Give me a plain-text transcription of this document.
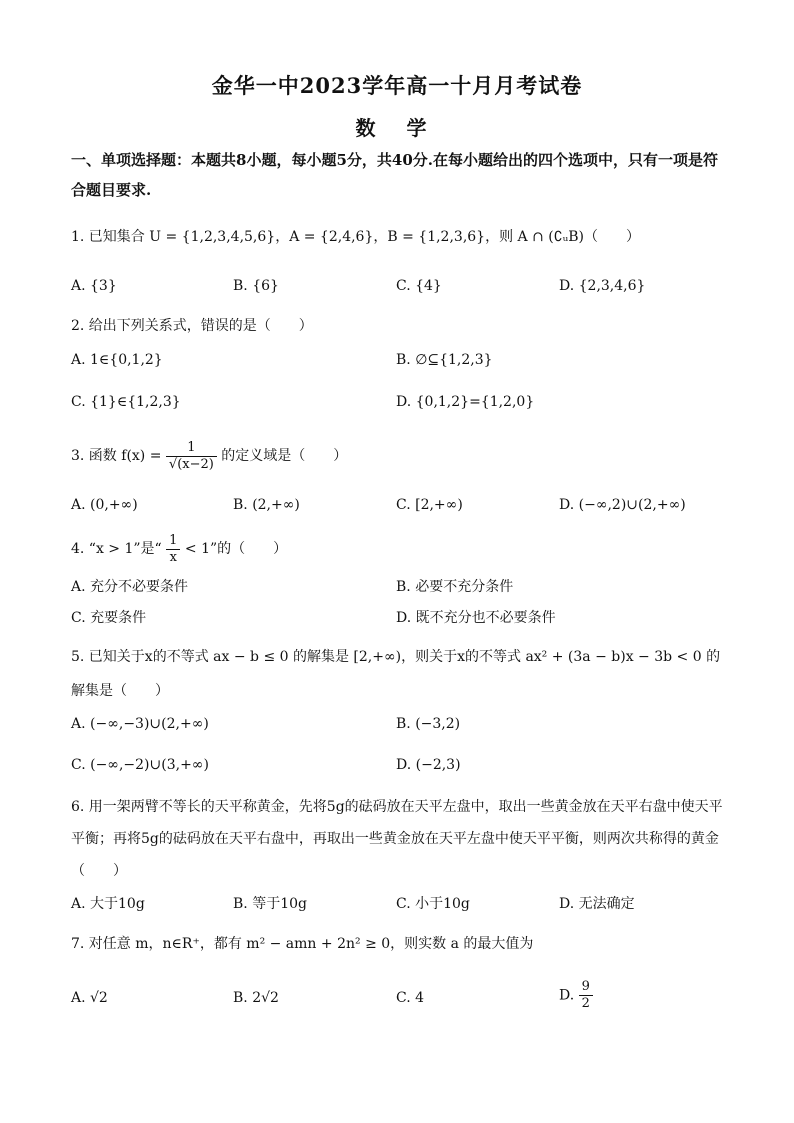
金华一中2023学年高一十月月考试卷
数 学
一、单项选择题：本题共8小题，每小题5分，共40分.在每小题给出的四个选项中，只有一项是符合题目要求.
1. 已知集合 U = {1,2,3,4,5,6}，A = {2,4,6}，B = {1,2,3,6}，则 A ∩ (∁ᵤB)（　　）
A. {3}	B. {6}	C. {4}	D. {2,3,4,6}
2. 给出下列关系式，错误的是（　　）
A. 1∈{0,1,2}	B. ∅⊆{1,2,3}
C. {1}∈{1,2,3}	D. {0,1,2}={1,2,0}
3. 函数 $f(x) = \frac{1}{√(x-2)}$ 的定义域是（　　）
A. (0,+∞)	B. (2,+∞)	C. [2,+∞)	D. (−∞,2)∪(2,+∞)
4. “x > 1”是“ $\frac{1}{x} < 1$”的（　　）
A. 充分不必要条件	B. 必要不充分条件
C. 充要条件	D. 既不充分也不必要条件
5. 已知关于x的不等式 ax − b ≤ 0 的解集是 [2,+∞)，则关于x的不等式 ax² + (3a − b)x − 3b < 0 的解集是（　　）
A. (−∞,−3)∪(2,+∞)	B. (−3,2)
C. (−∞,−2)∪(3,+∞)	D. (−2,3)
6. 用一架两臂不等长的天平称黄金，先将5g的砝码放在天平左盘中，取出一些黄金放在天平右盘中使天平平衡；再将5g的砝码放在天平右盘中，再取出一些黄金放在天平左盘中使天平平衡，则两次共称得的黄金（　　）
A. 大于10g	B. 等于10g	C. 小于10g	D. 无法确定
7. 对任意 m，n∈R⁺，都有 m² − amn + 2n² ≥ 0，则实数 a 的最大值为
A. √2	B. 2√2	C. 4	D. $\frac{9}{2}$
